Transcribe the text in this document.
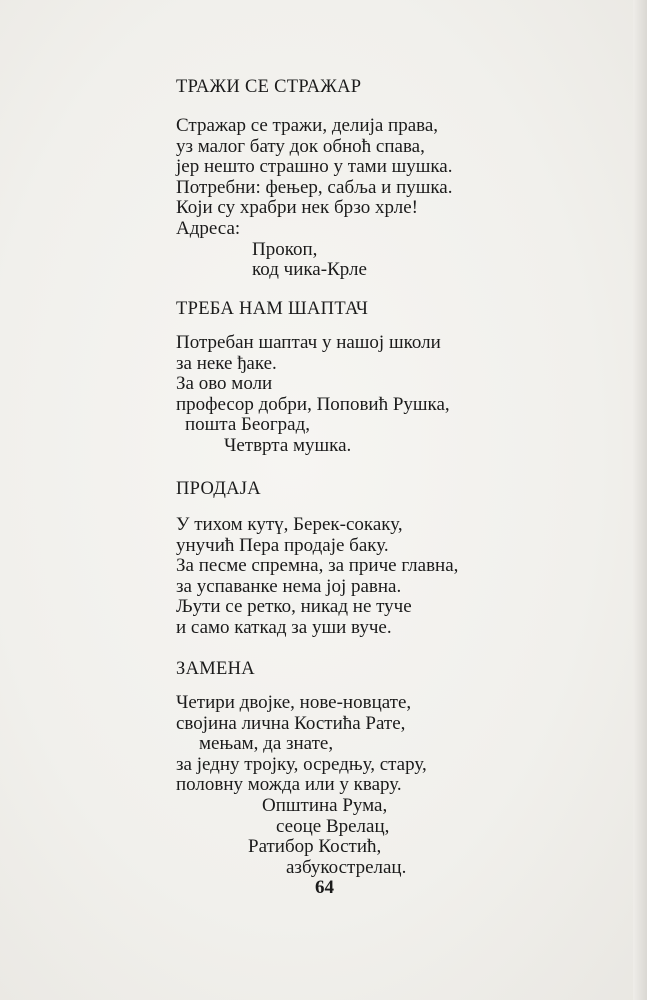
ТРАЖИ СЕ СТРАЖАР

Стражар се тражи, делија права,

уз малог бату док обноћ спава,

јер нешто страшно у тами шушка.

Потребни: фењер, сабља и пушка.

Који су храбри нек брзо хрле!

Адреса:

Прокоп,

код чика-Крле

ТРЕБА НАМ ШАПТАЧ

Потребан шаптач у нашој школи

за неке ђаке.

За ово моли

професор добри, Поповић Рушка,

пошта Београд,

Четврта мушка.

ПРОДАЈА

У тихом кутү, Берек-сокаку,

унучић Пера продаје баку.

За песме спремна, за приче главна,

за успаванке нема јој равна.

Љути се ретко, никад не туче

и само каткад за уши вуче.

ЗАМЕНА

Четири двојке, нове-новцате,

својина лична Костића Рате,

мењам, да знате,

за једну тројку, осредњу, стару,

половну можда или у квару.

Општина Рума,

сеоце Врелац,

Ратибор Костић,

азбукострелац.

64
